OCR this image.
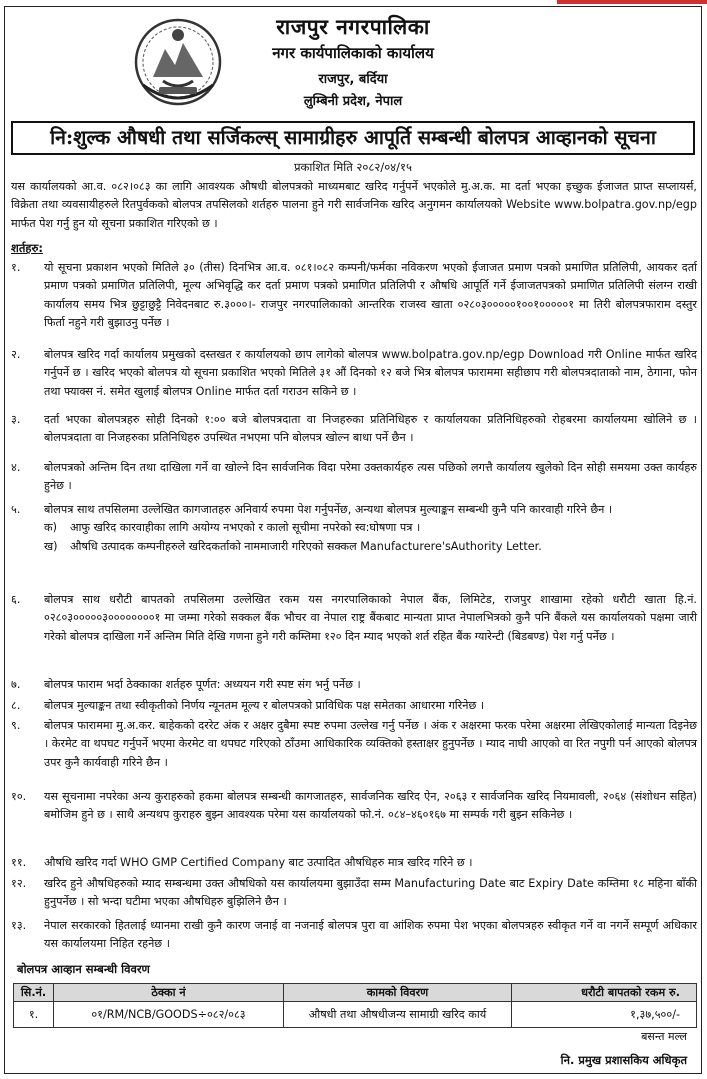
राजपुर नगरपालिका
नगर कार्यपालिकाको कार्यालय
राजपुर, बर्दिया
लुम्बिनी प्रदेश, नेपाल
नि:शुल्क औषधी तथा सर्जिकल्स् सामाग्रीहरु आपूर्ति सम्बन्धी बोलपत्र आव्हानको सूचना
प्रकाशित मिति २०८२/०४/१५
यस कार्यालयको आ.व. ०८२।०८३ का लागि आवश्यक औषधी बोलपत्रको माध्यमबाट खरिद गर्नुपर्ने भएकोले मु.अ.क. मा दर्ता भएका इच्छुक ईजाजत प्राप्त सप्लायर्स, विक्रेता तथा व्यवसायीहरुले रितपुर्वकको बोलपत्र तपसिलको शर्तहरु पालना हुने गरी सार्वजनिक खरिद अनुगमन कार्यालयको Website www.bolpatra.gov.np/egp मार्फत पेश गर्नु हुन यो सूचना प्रकाशित गरिएको छ ।
शर्तहरु:
१.	यो सूचना प्रकाशन भएको मितिले ३० (तीस) दिनभित्र आ.व. ०८१।०८२ कम्पनी/फर्मका नविकरण भएको ईजाजत प्रमाण पत्रको प्रमाणित प्रतिलिपी, आयकर दर्ता प्रमाण पत्रको प्रमाणित प्रतिलिपी, मूल्य अभिवृद्धि कर दर्ता प्रमाण पत्रको प्रमाणित प्रतिलिपी र औषधि आपूर्ति गर्ने ईजाजतपत्रको प्रमाणित प्रतिलिपी संलग्न राखी कार्यालय समय भित्र छुट्टाछुट्टै निवेदनबाट रु.३०००।- राजपुर नगरपालिकाको आन्तरिक राजस्व खाता ०२८०३०००००१००१०००००१ मा तिरी बोलपत्रफाराम दस्तुर फिर्ता नहुने गरी बुझाउनु पर्नेछ ।
२.	बोलपत्र खरिद गर्दा कार्यालय प्रमुखको दस्तखत र कार्यालयको छाप लागेको बोलपत्र www.bolpatra.gov.np/egp Download गरी Online मार्फत खरिद गर्नुपर्ने छ । खरिद भएको बोलपत्र यो सूचना प्रकाशित भएको मितिले ३१ औं दिनको १२ बजे भित्र बोलपत्र फाराममा सहीछाप गरी बोलपत्रदाताको नाम, ठेगाना, फोन तथा फ्याक्स नं. समेत खुलाई बोलपत्र Online मार्फत दर्ता गराउन सकिने छ ।
३.	दर्ता भएका बोलपत्रहरु सोही दिनको १:०० बजे बोलपत्रदाता वा निजहरुका प्रतिनिधिहरु र कार्यालयका प्रतिनिधिहरुको रोहबरमा कार्यालयमा खोलिने छ । बोलपत्रदाता वा निजहरुका प्रतिनिधिहरु उपस्थित नभएमा पनि बोलपत्र खोल्न बाधा पर्ने छैन ।
४.	बोलपत्रको अन्तिम दिन तथा दाखिला गर्ने वा खोल्ने दिन सार्वजनिक विदा परेमा उक्तकार्यहरु त्यस पछिको लगत्तै कार्यालय खुलेको दिन सोही समयमा उक्त कार्यहरु हुनेछ ।
५.	बोलपत्र साथ तपसिलमा उल्लेखित कागजातहरु अनिवार्य रुपमा पेश गर्नुपर्नेछ, अन्यथा बोलपत्र मुल्याङ्कन सम्बन्धी कुनै पनि कारवाही गरिने छैन ।
क) आफु खरिद कारवाहीका लागि अयोग्य नभएको र कालो सूचीमा नपरेको स्व:घोषणा पत्र ।
ख) औषधि उत्पादक कम्पनीहरुले खरिदकर्ताको नाममाजारी गरिएको सक्कल Manufacturere'sAuthority Letter.
६.	बोलपत्र साथ धरौटी बापतको तपसिलमा उल्लेखित रकम यस नगरपालिकाको नेपाल बैंक, लिमिटेड, राजपुर शाखामा रहेको धरौटी खाता हि.नं. ०२८०३०००००३००००००००१ मा जम्मा गरेको सक्कल बैंक भौचर वा नेपाल राष्ट्र बैंकबाट मान्यता प्राप्त नेपालभित्रको कुनै पनि बैंकले यस कार्यालयको पक्षमा जारी गरेको बोलपत्र दाखिला गर्ने अन्तिम मिति देखि गणना हुने गरी कम्तिमा १२० दिन म्याद भएको शर्त रहित बैंक ग्यारेन्टी (बिडबण्ड) पेश गर्नु पर्नेछ ।
७.	बोलपत्र फाराम भर्दा ठेक्काका शर्तहरु पूर्णत: अध्ययन गरी स्पष्ट संग भर्नु पर्नेछ ।
८.	बोलपत्र मुल्याङ्कन तथा स्वीकृतीको निर्णय न्यूनतम मूल्य र बोलपत्रको प्राविधिक पक्ष समेतका आधारमा गरिनेछ ।
९.	बोलपत्र फाराममा मु.अ.कर. बाहेकको दररेट अंक र अक्षर दुबैमा स्पष्ट रुपमा उल्लेख गर्नु पर्नेछ । अंक र अक्षरमा फरक परेमा अक्षरमा लेखिएकोलाई मान्यता दिइनेछ । केरमेट वा थपघट गर्नुपर्ने भएमा केरमेट वा थपघट गरिएको ठाँउमा आधिकारिक व्यक्तिको हस्ताक्षर हुनुपर्नेछ । म्याद नाघी आएको वा रित नपुगी पर्न आएको बोलपत्र उपर कुनै कार्यवाही गरिने छैन ।
१०.	यस सूचनामा नपरेका अन्य कुराहरुको हकमा बोलपत्र सम्बन्धी कागजातहरु, सार्वजनिक खरिद ऐन, २०६३ र सार्वजनिक खरिद नियमावली, २०६४ (संशोधन सहित) बमोजिम हुने छ । साथै अन्यथप कुराहरु बुझ्न आवश्यक परेमा यस कार्यालयको फो.नं. ०८४–४६०१६७ मा सम्पर्क गरी बुझ्न सकिनेछ ।
११.	औषधि खरिद गर्दा WHO GMP Certified Company बाट उत्पादित औषधिहरु मात्र खरिद गरिने छ ।
१२.	खरिद हुने औषधिहरुको म्याद सम्बन्धमा उक्त औषधिको यस कार्यालयमा बुझाउँदा सम्म Manufacturing Date बाट Expiry Date कम्तिमा १८ महिना बाँकी हुनुपर्नेछ । सो भन्दा घटीमा भएका औषधिहरु बुझिलिने छैन ।
१३.	नेपाल सरकारको हितलाई ध्यानमा राखी कुनै कारण जनाई वा नजनाई बोलपत्र पुरा वा आंशिक रुपमा पेश भएका बोलपत्रहरु स्वीकृत गर्ने वा नगर्ने सम्पूर्ण अधिकार यस कार्यालयमा निहित रहनेछ ।
बोलपत्र आव्हान सम्बन्धी विवरण
सि.नं.	ठेक्का नं	कामको विवरण	धरौटी बापतको रकम रु.
१.	०१/RM/NCB/GOODS÷०८२/०८३	औषधी तथा औषधीजन्य सामाग्री खरिद कार्य	१,३७,५००/-
बसन्त मल्ल
नि. प्रमुख प्रशासकिय अधिकृत
